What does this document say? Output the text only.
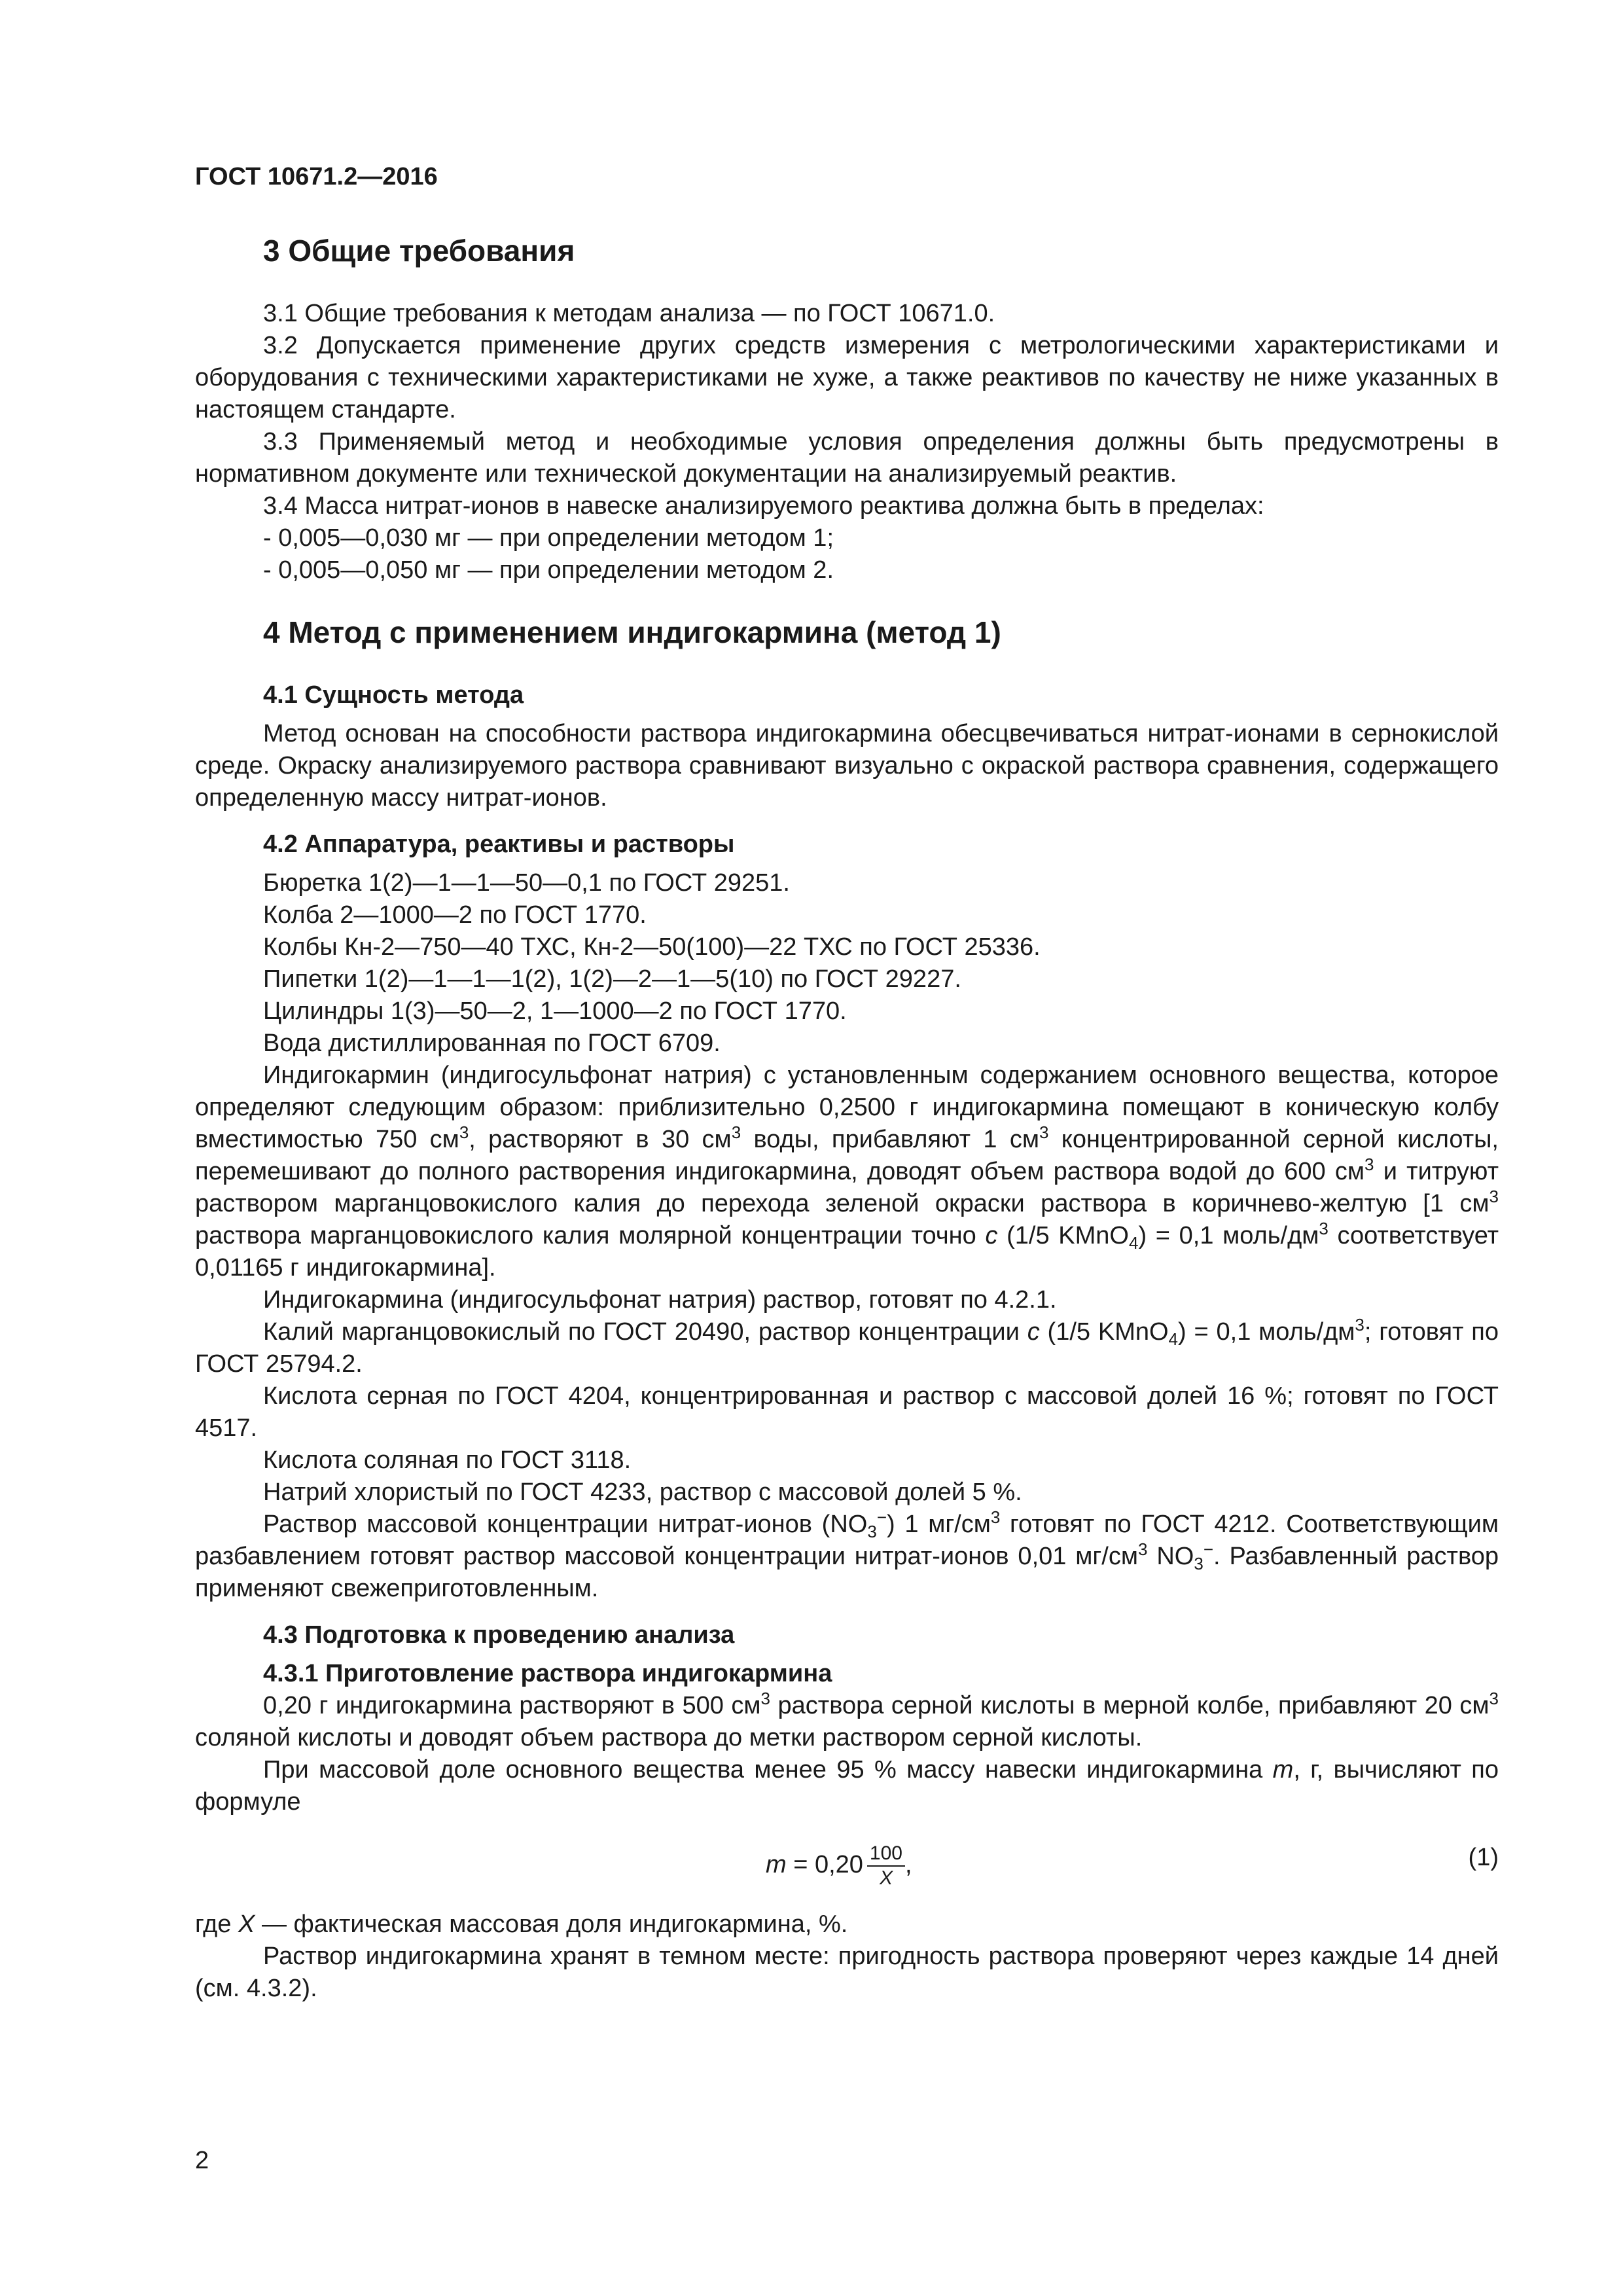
ГОСТ 10671.2—2016
3 Общие требования

3.1 Общие требования к методам анализа — по ГОСТ 10671.0.

3.2 Допускается применение других средств измерения с метрологическими характеристиками и оборудования с техническими характеристиками не хуже, а также реактивов по качеству не ниже указанных в настоящем стандарте.

3.3 Применяемый метод и необходимые условия определения должны быть предусмотрены в нормативном документе или технической документации на анализируемый реактив.

3.4 Масса нитрат-ионов в навеске анализируемого реактива должна быть в пределах:

- 0,005—0,030 мг — при определении методом 1;
- 0,005—0,050 мг — при определении методом 2.
4 Метод с применением индигокармина (метод 1)
4.1 Сущность метода

Метод основан на способности раствора индигокармина обесцвечиваться нитрат-ионами в сернокислой среде. Окраску анализируемого раствора сравнивают визуально с окраской раствора сравнения, содержащего определенную массу нитрат-ионов.

4.2 Аппаратура, реактивы и растворы

Бюретка 1(2)—1—1—50—0,1 по ГОСТ 29251.

Колба 2—1000—2 по ГОСТ 1770.

Колбы Кн-2—750—40 ТХС, Кн-2—50(100)—22 ТХС по ГОСТ 25336.

Пипетки 1(2)—1—1—1(2), 1(2)—2—1—5(10) по ГОСТ 29227.

Цилиндры 1(3)—50—2, 1—1000—2 по ГОСТ 1770.

Вода дистиллированная по ГОСТ 6709.

Индигокармин (индигосульфонат натрия) с установленным содержанием основного вещества, которое определяют следующим образом: приблизительно 0,2500 г индигокармина помещают в коническую колбу вместимостью 750 $см^3$, растворяют в 30 $см^3$ воды, прибавляют 1 $см^3$ концентрированной серной кислоты, перемешивают до полного растворения индигокармина, доводят объем раствора водой до 600 $см^3$ и титруют раствором марганцовокислого калия до перехода зеленой окраски раствора в коричнево-желтую [1 $см^3$ раствора марганцовокислого калия молярной концентрации точно c (1/5 KMnO$_4$) = 0,1 моль/$дм^3$ соответствует 0,01165 г индигокармина].

Индигокармина (индигосульфонат натрия) раствор, готовят по 4.2.1.

Калий марганцовокислый по ГОСТ 20490, раствор концентрации c (1/5 KMnO$_4$) = 0,1 моль/$дм^3$; готовят по ГОСТ 25794.2.

Кислота серная по ГОСТ 4204, концентрированная и раствор с массовой долей 16 %; готовят по ГОСТ 4517.

Кислота соляная по ГОСТ 3118.

Натрий хлористый по ГОСТ 4233, раствор с массовой долей 5 %.

Раствор массовой концентрации нитрат-ионов $(NO_3^-)$ 1 $мг/см^3$ готовят по ГОСТ 4212. Соответствующим разбавлением готовят раствор массовой концентрации нитрат-ионов 0,01 $мг/см^3$ $NO_3^-$. Разбавленный раствор применяют свежеприготовленным.

4.3 Подготовка к проведению анализа
4.3.1 Приготовление раствора индигокармина

0,20 г индигокармина растворяют в 500 $см^3$ раствора серной кислоты в мерной колбе, прибавляют 20 $см^3$ соляной кислоты и доводят объем раствора до метки раствором серной кислоты.

При массовой доле основного вещества менее 95 % массу навески индигокармина m, г, вычисляют по формуле

$m = 0,20 \frac{100}{X}$ ,	(1)

где X — фактическая массовая доля индигокармина, %.

Раствор индигокармина хранят в темном месте: пригодность раствора проверяют через каждые 14 дней (см. 4.3.2).

2
